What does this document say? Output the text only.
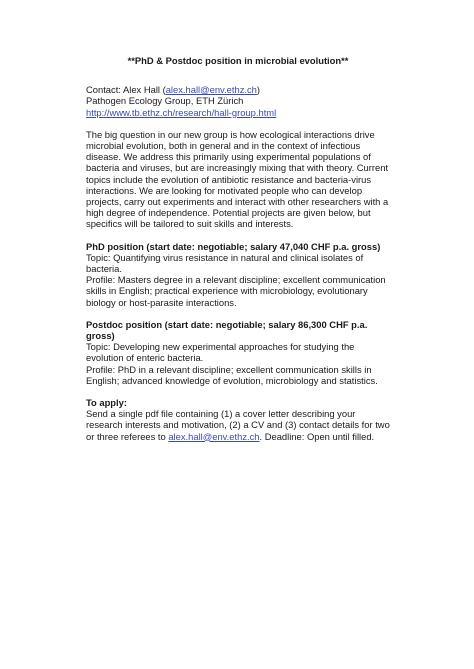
**PhD & Postdoc position in microbial evolution**

Contact: Alex Hall (alex.hall@env.ethz.ch)

Pathogen Ecology Group, ETH Zürich

http://www.tb.ethz.ch/research/hall-group.html

The big question in our new group is how ecological interactions drive microbial evolution, both in general and in the context of infectious disease. We address this primarily using experimental populations of bacteria and viruses, but are increasingly mixing that with theory. Current topics include the evolution of antibiotic resistance and bacteria-virus interactions. We are looking for motivated people who can develop projects, carry out experiments and interact with other researchers with a high degree of independence. Potential projects are given below, but specifics will be tailored to suit skills and interests.

PhD position (start date: negotiable; salary 47,040 CHF p.a. gross)

Topic: Quantifying virus resistance in natural and clinical isolates of bacteria.

Profile: Masters degree in a relevant discipline; excellent communication skills in English; practical experience with microbiology, evolutionary biology or host-parasite interactions.

Postdoc position (start date: negotiable; salary 86,300 CHF p.a. gross)

Topic: Developing new experimental approaches for studying the evolution of enteric bacteria.

Profile: PhD in a relevant discipline; excellent communication skills in English; advanced knowledge of evolution, microbiology and statistics.

To apply:

Send a single pdf file containing (1) a cover letter describing your research interests and motivation, (2) a CV and (3) contact details for two or three referees to alex.hall@env.ethz.ch. Deadline: Open until filled.
